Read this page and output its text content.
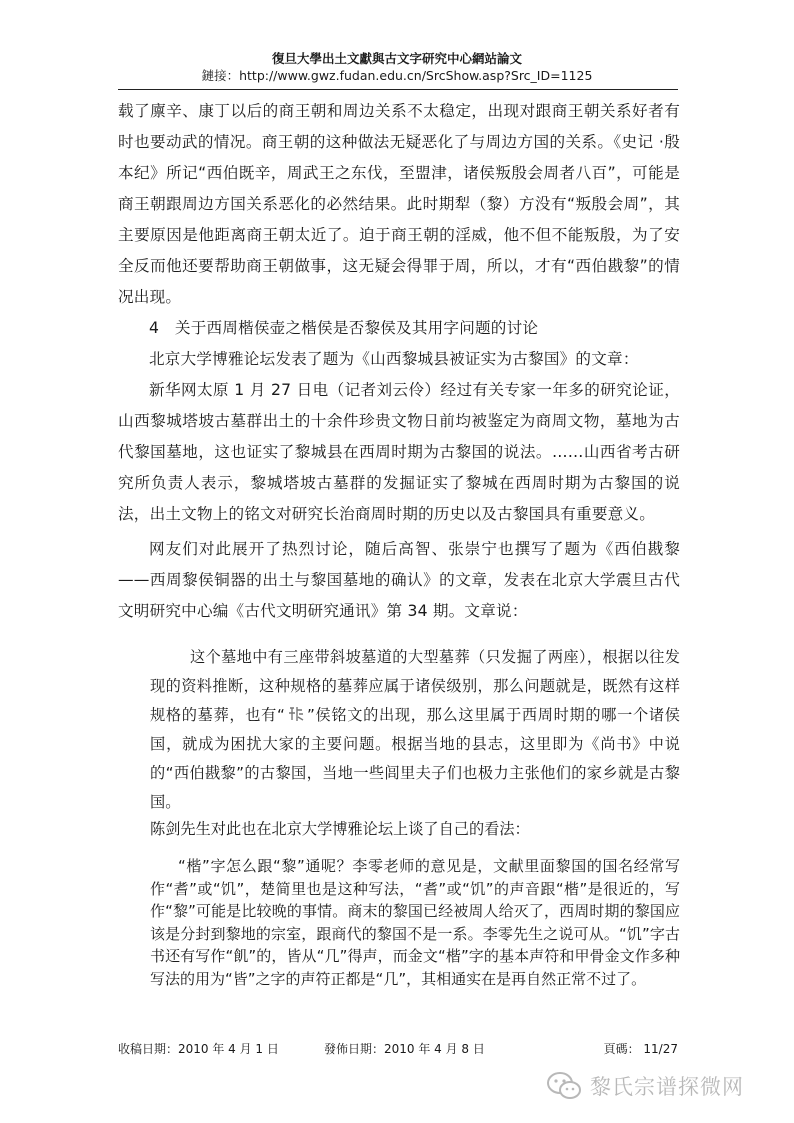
復旦大學出土文獻與古文字研究中心網站論文
鏈接：http://www.gwz.fudan.edu.cn/SrcShow.asp?Src_ID=1125

载了廪辛、康丁以后的商王朝和周边关系不太稳定，出现对跟商王朝关系好者有时也要动武的情况。商王朝的这种做法无疑恶化了与周边方国的关系。《史记 ·殷本纪》所记“西伯既辛，周武王之东伐，至盟津，诸侯叛殷会周者八百”，可能是商王朝跟周边方国关系恶化的必然结果。此时期犁（黎）方没有“叛殷会周”，其主要原因是他距离商王朝太近了。迫于商王朝的淫威，他不但不能叛殷，为了安全反而他还要帮助商王朝做事，这无疑会得罪于周，所以，才有“西伯戡黎”的情况出现。

4　关于西周楷侯壶之楷侯是否黎侯及其用字问题的讨论

北京大学博雅论坛发表了题为《山西黎城县被证实为古黎国》的文章：

新华网太原 1 月 27 日电（记者刘云伶）经过有关专家一年多的研究论证，山西黎城塔坡古墓群出土的十余件珍贵文物日前均被鉴定为商周文物，墓地为古代黎国墓地，这也证实了黎城县在西周时期为古黎国的说法。……山西省考古研究所负责人表示，黎城塔坡古墓群的发掘证实了黎城在西周时期为古黎国的说法，出土文物上的铭文对研究长治商周时期的历史以及古黎国具有重要意义。

网友们对此展开了热烈讨论，随后高智、张崇宁也撰写了题为《西伯戡黎——西周黎侯铜器的出土与黎国墓地的确认》的文章，发表在北京大学震旦古代文明研究中心编《古代文明研究通讯》第 34 期。文章说：

这个墓地中有三座带斜坡墓道的大型墓葬（只发掘了两座），根据以往发现的资料推断，这种规格的墓葬应属于诸侯级别，那么问题就是，既然有这样规格的墓葬，也有“ ”侯铭文的出现，那么这里属于西周时期的哪一个诸侯国，就成为困扰大家的主要问题。根据当地的县志，这里即为《尚书》中说的“西伯戡黎”的古黎国，当地一些闾里夫子们也极力主张他们的家乡就是古黎国。

陈剑先生对此也在北京大学博雅论坛上谈了自己的看法：

“楷”字怎么跟“黎”通呢？李零老师的意见是，文献里面黎国的国名经常写作“耆”或“饥”，楚简里也是这种写法，“耆”或“饥”的声音跟“楷”是很近的，写作“黎”可能是比较晚的事情。商末的黎国已经被周人给灭了，西周时期的黎国应该是分封到黎地的宗室，跟商代的黎国不是一系。李零先生之说可从。“饥”字古书还有写作“飢”的，皆从“几”得声，而金文“楷”字的基本声符和甲骨金文作多种写法的用为“皆”之字的声符正都是“几”，其相通实在是再自然正常不过了。

收稿日期：2010 年 4 月 1 日	發佈日期：2010 年 4 月 8 日	頁碼： 11/27
黎氏宗谱探微网
